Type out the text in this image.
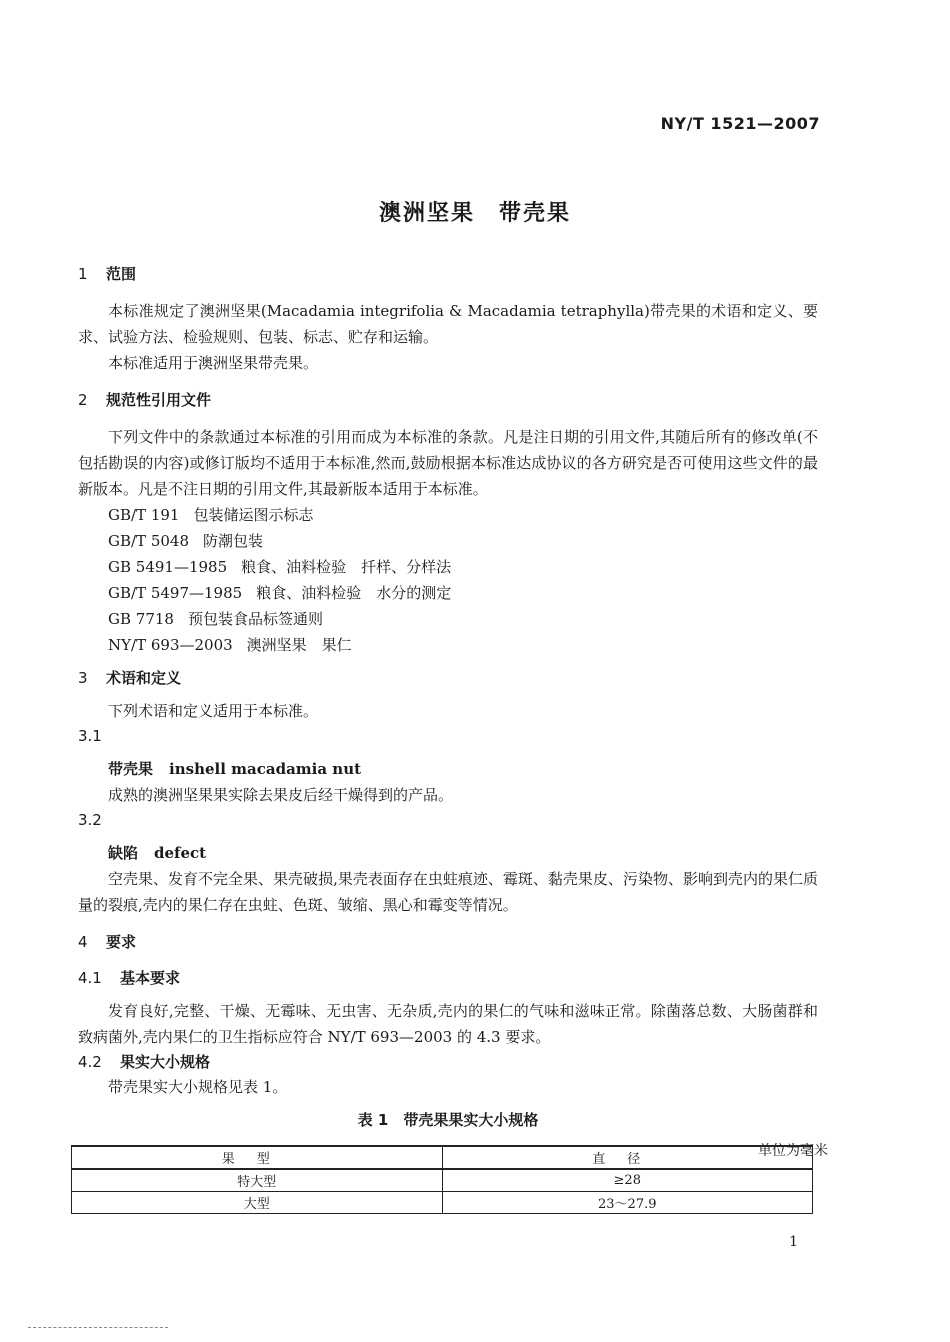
NY/T 1521—2007
澳洲坚果　带壳果
1 范围

本标准规定了澳洲坚果(Macadamia integrifolia & Macadamia tetraphylla)带壳果的术语和定义、要求、试验方法、检验规则、包装、标志、贮存和运输。

本标准适用于澳洲坚果带壳果。

2 规范性引用文件

下列文件中的条款通过本标准的引用而成为本标准的条款。凡是注日期的引用文件,其随后所有的修改单(不包括勘误的内容)或修订版均不适用于本标准,然而,鼓励根据本标准达成协议的各方研究是否可使用这些文件的最新版本。凡是不注日期的引用文件,其最新版本适用于本标准。

GB/T 191 包装储运图示标志

GB/T 5048 防潮包装

GB 5491—1985 粮食、油料检验　扦样、分样法

GB/T 5497—1985 粮食、油料检验　水分的测定

GB 7718 预包装食品标签通则

NY/T 693—2003 澳洲坚果　果仁

3 术语和定义

下列术语和定义适用于本标准。

3.1

带壳果 inshell macadamia nut

成熟的澳洲坚果果实除去果皮后经干燥得到的产品。

3.2

缺陷 defect

空壳果、发育不完全果、果壳破损,果壳表面存在虫蛀痕迹、霉斑、黏壳果皮、污染物、影响到壳内的果仁质量的裂痕,壳内的果仁存在虫蛀、色斑、皱缩、黑心和霉变等情况。

4 要求
4.1 基本要求

发育良好,完整、干燥、无霉味、无虫害、无杂质,壳内的果仁的气味和滋味正常。除菌落总数、大肠菌群和致病菌外,壳内果仁的卫生指标应符合 NY/T 693—2003 的 4.3 要求。

4.2 果实大小规格

带壳果实大小规格见表 1。

表 1　带壳果果实大小规格
单位为毫米
果型	直径
特大型	≥28
大型	23～27.9
1
